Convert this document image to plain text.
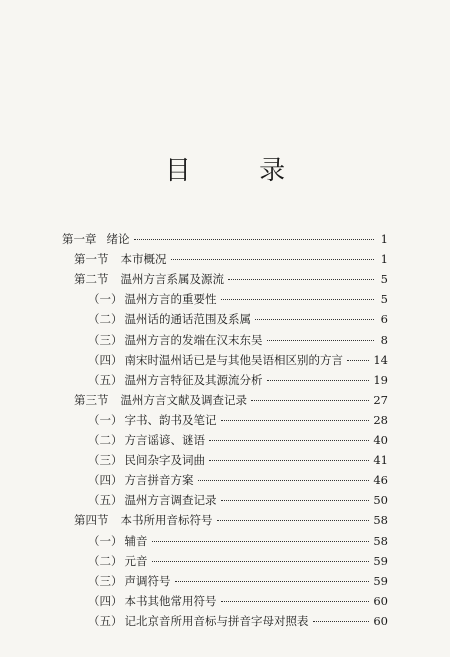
目 录
第一章 绪论	1
第一节 本市概况	1
第二节 温州方言系属及源流	5
（一） 温州方言的重要性	5
（二） 温州话的通话范围及系属	6
（三） 温州方言的发端在汉末东吴	8
（四） 南宋时温州话已是与其他吴语相区别的方言	14
（五） 温州方言特征及其源流分析	19
第三节 温州方言文献及调查记录	27
（一） 字书、韵书及笔记	28
（二） 方言谣谚、谜语	40
（三） 民间杂字及词曲	41
（四） 方言拼音方案	46
（五） 温州方言调查记录	50
第四节 本书所用音标符号	58
（一） 辅音	58
（二） 元音	59
（三） 声调符号	59
（四） 本书其他常用符号	60
（五） 记北京音所用音标与拼音字母对照表	60
